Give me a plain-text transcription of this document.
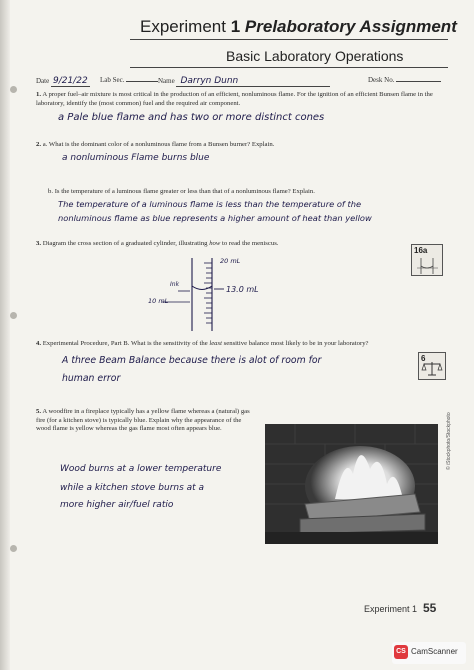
Experiment 1 Prelaboratory Assignment
Basic Laboratory Operations
Date 9/21/22 Lab Sec.	Name Darryn Dunn	Desk No.
1. A proper fuel–air mixture is most critical in the production of an efficient, nonluminous flame. For the ignition of an efficient Bunsen flame in the laboratory, identify the (most common) fuel and the required air component.
a Pale blue flame and has two or more distinct cones
2. a. What is the dominant color of a nonluminous flame from a Bunsen burner? Explain.
a nonluminous Flame burns blue
b. Is the temperature of a luminous flame greater or less than that of a nonluminous flame? Explain.
The temperature of a luminous flame is less than the temperature of the
nonluminous flame as blue represents a higher amount of heat than yellow
3. Diagram the cross section of a graduated cylinder, illustrating how to read the meniscus.
16a
20 mL
13.0 mL
Ink
10 mL
4. Experimental Procedure, Part B. What is the sensitivity of the least sensitive balance most likely to be in your laboratory?
6
A three Beam Balance because there is alot of room for
human error
5. A woodfire in a fireplace typically has a yellow flame whereas a (natural) gas fire (for a kitchen stove) is typically blue. Explain why the appearance of the wood flame is yellow whereas the gas flame most often appears blue.
Wood burns at a lower temperature
while a kitchen stove burns at a
more higher air/fuel ratio
© iStockphoto/Stockphoto
Experiment 1 55
CS CamScanner
